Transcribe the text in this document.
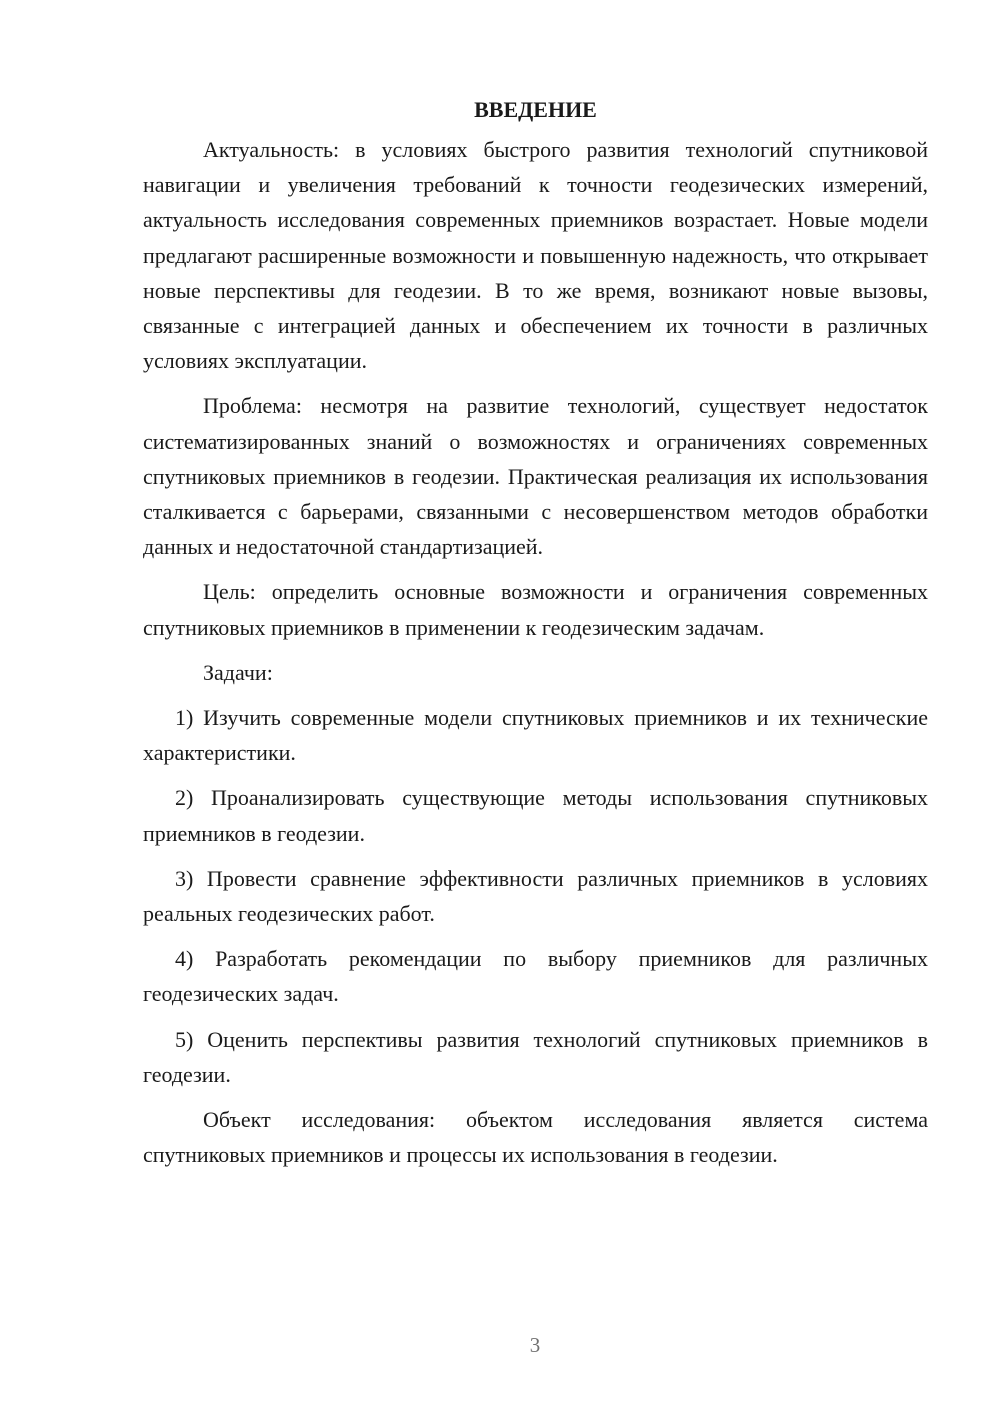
ВВЕДЕНИЕ

Актуальность: в условиях быстрого развития технологий спутниковой навигации и увеличения требований к точности геодезических измерений, актуальность исследования современных приемников возрастает. Новые модели предлагают расширенные возможности и повышенную надежность, что открывает новые перспективы для геодезии. В то же время, возникают новые вызовы, связанные с интеграцией данных и обеспечением их точности в различных условиях эксплуатации.

Проблема: несмотря на развитие технологий, существует недостаток систематизированных знаний о возможностях и ограничениях современных спутниковых приемников в геодезии. Практическая реализация их использования сталкивается с барьерами, связанными с несовершенством методов обработки данных и недостаточной стандартизацией.

Цель: определить основные возможности и ограничения современных спутниковых приемников в применении к геодезическим задачам.

Задачи:

1) Изучить современные модели спутниковых приемников и их технические характеристики.

2) Проанализировать существующие методы использования спутниковых приемников в геодезии.

3) Провести сравнение эффективности различных приемников в условиях реальных геодезических работ.

4) Разработать рекомендации по выбору приемников для различных геодезических задач.

5) Оценить перспективы развития технологий спутниковых приемников в геодезии.

Объект исследования: объектом исследования является система спутниковых приемников и процессы их использования в геодезии.

3
